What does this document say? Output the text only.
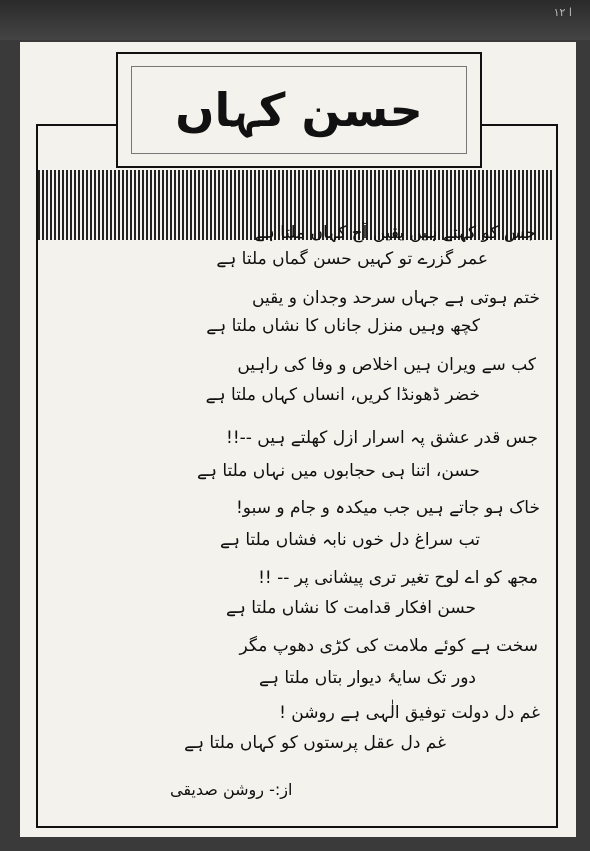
ا ۱۲
حسن کہاں
جس کو کہتے ہیں یقیں آج کہاں ملتا ہے
عمر گزرے تو کہیں حسن گماں ملتا ہے
ختم ہوتی ہے جہاں سرحد وجدان و یقیں
کچھ وہیں منزل جاناں کا نشاں ملتا ہے
کب سے ویران ہیں اخلاص و وفا کی راہیں
خضر ڈھونڈا کریں، انساں کہاں ملتا ہے
جس قدر عشق پہ اسرار ازل کھلتے ہیں --!!
حسن، اتنا ہی حجابوں میں نہاں ملتا ہے
خاک ہو جاتے ہیں جب میکدہ و جام و سبو!
تب سراغ دل خوں نابہ فشاں ملتا ہے
مجھ کو اے لوح تغیر تری پیشانی پر -- !!
حسن افکار قدامت کا نشاں ملتا ہے
سخت ہے کوئے ملامت کی کڑی دھوپ مگر
دور تک سایۂ دیوار بتاں ملتا ہے
غم دل دولت توفیق الٰہی ہے روشن !
غم دل عقل پرستوں کو کہاں ملتا ہے
از:- روشن صدیقی
